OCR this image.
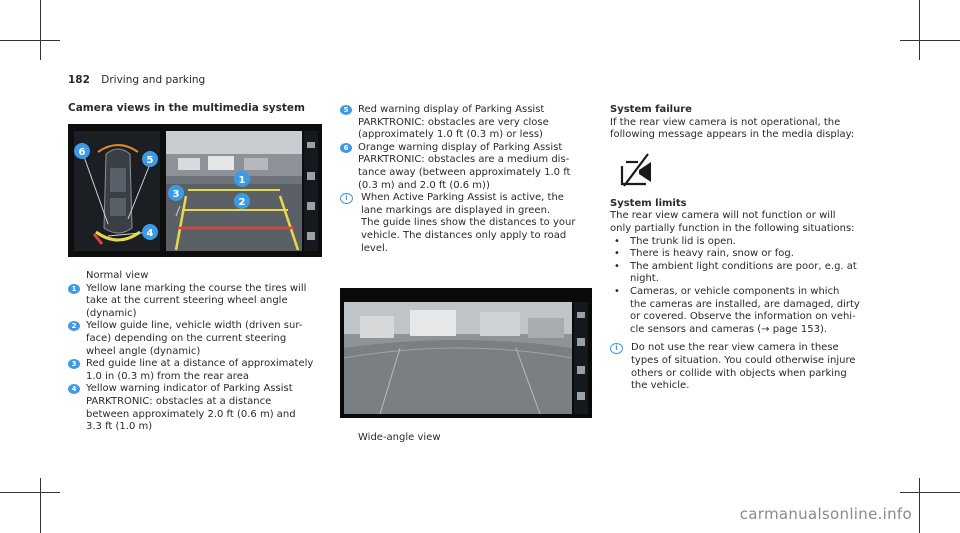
182 Driving and parking
Camera views in the multimedia system
6
5
4
3
1
2
Normal view
1 Yellow lane marking the course the tires will
take at the current steering wheel angle
(dynamic)
2 Yellow guide line, vehicle width (driven sur-
face) depending on the current steering
wheel angle (dynamic)
3 Red guide line at a distance of approximately
1.0 in (0.3 m) from the rear area
4 Yellow warning indicator of Parking Assist
PARKTRONIC: obstacles at a distance
between approximately 2.0 ft (0.6 m) and
3.3 ft (1.0 m)
5 Red warning display of Parking Assist
PARKTRONIC: obstacles are very close
(approximately 1.0 ft (0.3 m) or less)
6 Orange warning display of Parking Assist
PARKTRONIC: obstacles are a medium dis-
tance away (between approximately 1.0 ft
(0.3 m) and 2.0 ft (0.6 m))
i	When Active Parking Assist is active, the
lane markings are displayed in green.
The guide lines show the distances to your
vehicle. The distances only apply to road
level.
Wide-angle view
System failure
If the rear view camera is not operational, the
following message appears in the media display:
System limits
The rear view camera will not function or will
only partially function in the following situations:
• The trunk lid is open.
• There is heavy rain, snow or fog.
• The ambient light conditions are poor, e.g. at
night.
• Cameras, or vehicle components in which
the cameras are installed, are damaged, dirty
or covered. Observe the information on vehi-
cle sensors and cameras (→ page 153).
i	Do not use the rear view camera in these
types of situation. You could otherwise injure
others or collide with objects when parking
the vehicle.
carmanualsonline.info
